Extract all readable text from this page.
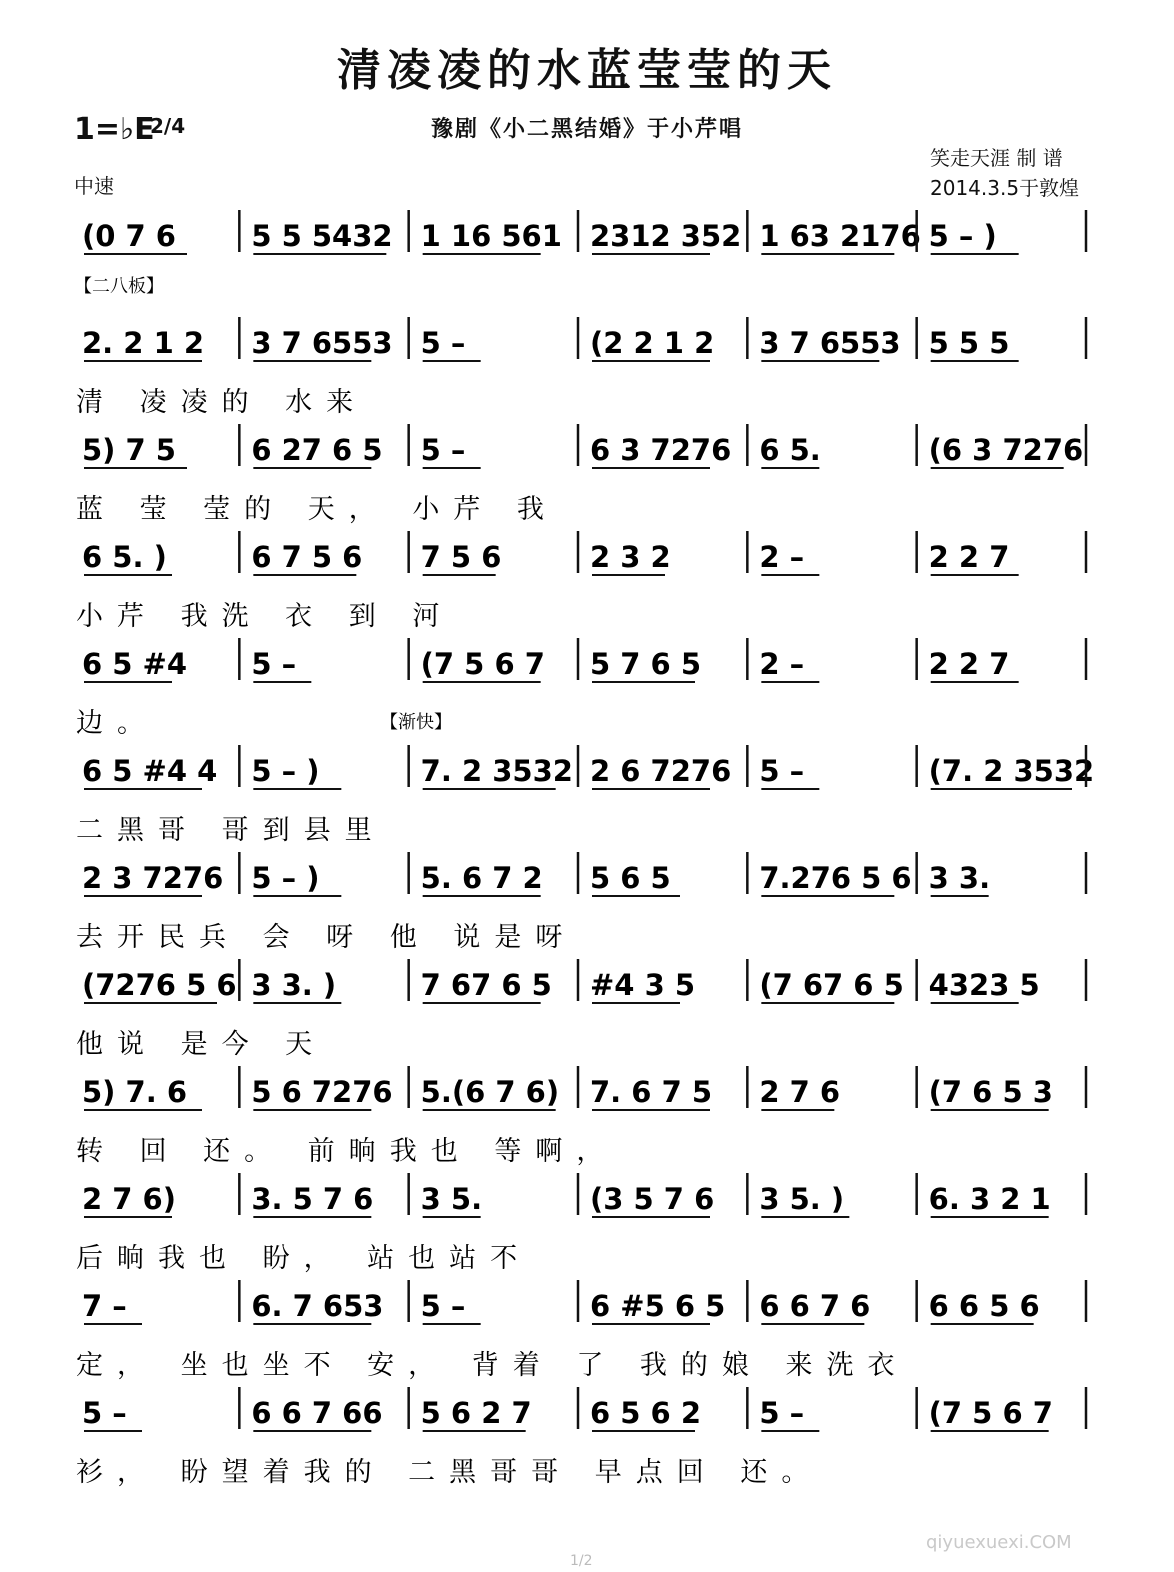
清凌凌的水蓝莹莹的天
豫剧《小二黑结婚》于小芹唱
1=♭E
2/4
中速
笑走天涯 制 谱
2014.3.5于敦煌
(0 7 6	5 5 5432 1 16 561 2312 352 1 63 2176 5 – )
2. 2 1 2 3 7 6553 5 –	(2 2 1 2 3 7 6553 5 5 5
清 凌凌的 水来
5) 7 5	6 27 6 5 5 –	6 3 7276 6 5.	(6 3 7276
蓝 莹 莹的 天， 小芹 我
6 5. )	6 7 5 6 7 5 6	2 3 2	2 –	2 2 7
小芹 我洗 衣 到 河
6 5 #4 5 –	(7 5 6 7 5 7 6 5 2 –	2 2 7
边。
6 5 #4 4 5 – )	7. 2 3532 2 6 7276 5 –	(7. 2 3532
二黑哥 哥到县里
2 3 7276 5 – )	5. 6 7 2 5 6 5	7.276 5 6 3 3.
去开民兵 会 呀 他 说是呀
(7276 5 6 3 3. )	7 67 6 5 #4 3 5 (7 67 6 5 4323 5
他说 是今 天
5) 7. 6 5 6 7276 5.(6 7 6) 7. 6 7 5 2 7 6	(7 6 5 3
转 回 还。 前晌我也 等啊，
2 7 6)	3. 5 7 6 3 5.	(3 5 7 6 3 5. )	6. 3 2 1
后晌我也 盼， 站也站不
7 –	6. 7 653 5 –	6 #5 6 5 6 6 7 6 6 6 5 6
定， 坐也坐不 安， 背着 了 我的娘 来洗衣
5 –	6 6 7 66 5 6 2 7 6 5 6 2 5 –	(7 5 6 7
衫， 盼望着我的 二黑哥哥 早点回 还。
【二八板】
【渐快】
1/2
qiyuexuexi.COM
